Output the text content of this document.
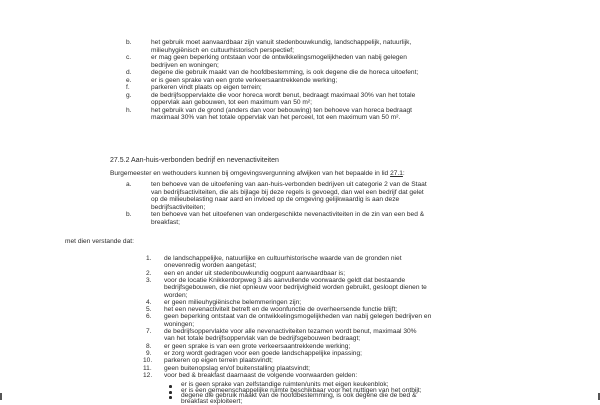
b.	het gebruik moet aanvaardbaar zijn vanuit stedenbouwkundig, landschappelijk, natuurlijk,
milieuhygiënisch en cultuurhistorisch perspectief;
c.	er mag geen beperking ontstaan voor de ontwikkelingsmogelijkheden van nabij gelegen
bedrijven en woningen;
d.	degene die gebruik maakt van de hoofdbestemming, is ook degene die de horeca uitoefent;
e.	er is geen sprake van een grote verkeersaantrekkende werking;
f.	parkeren vindt plaats op eigen terrein;
g.	de bedrijfsoppervlakte die voor horeca wordt benut, bedraagt maximaal 30% van het totale
oppervlak aan gebouwen, tot een maximum van 50 m²;
h.	het gebruik van de grond (anders dan voor bebouwing) ten behoeve van horeca bedraagt
maximaal 30% van het totale oppervlak van het perceel, tot een maximum van 50 m².
27.5.2 Aan-huis-verbonden bedrijf en nevenactiviteiten
Burgemeester en wethouders kunnen bij omgevingsvergunning afwijken van het bepaalde in lid 27.1:
a.	ten behoeve van de uitoefening van aan-huis-verbonden bedrijven uit categorie 2 van de Staat
van bedrijfsactiviteiten, die als bijlage bij deze regels is gevoegd, dan wel een bedrijf dat gelet
op de milieubelasting naar aard en invloed op de omgeving gelijkwaardig is aan deze
bedrijfsactiviteiten;
b.	ten behoeve van het uitoefenen van ondergeschikte nevenactiviteiten in de zin van een bed &
breakfast;
met dien verstande dat:
1. de landschappelijke, natuurlijke en cultuurhistorische waarde van de gronden niet
onevenredig worden aangetast;
2. een en ander uit stedenbouwkundig oogpunt aanvaardbaar is;
3. voor de locatie Knikkerdorpweg 3 als aanvullende voorwaarde geldt dat bestaande
bedrijfsgebouwen, die niet opnieuw voor bedrijvigheid worden gebruikt, gesloopt dienen te
worden;
4. er geen milieuhygiënische belemmeringen zijn;
5. het een nevenactiviteit betreft en de woonfunctie de overheersende functie blijft;
6. geen beperking ontstaat van de ontwikkelingsmogelijkheden van nabij gelegen bedrijven en
woningen;
7. de bedrijfsoppervlakte voor alle nevenactiviteiten tezamen wordt benut, maximaal 30%
van het totale bedrijfsoppervlak van de bedrijfsgebouwen bedraagt;
8. er geen sprake is van een grote verkeersaantrekkende werking;
9. er zorg wordt gedragen voor een goede landschappelijke inpassing;
10. parkeren op eigen terrein plaatsvindt;
11. geen buitenopslag en/of buitenstalling plaatsvindt;
12. voor bed & breakfast daarnaast de volgende voorwaarden gelden:
er is geen sprake van zelfstandige ruimten/units met eigen keukenblok;
er is een gemeenschappelijke ruimte beschikbaar voor het nuttigen van het ontbijt;
degene die gebruik maakt van de hoofdbestemming, is ook degene die de bed &
breakfast exploiteert;
